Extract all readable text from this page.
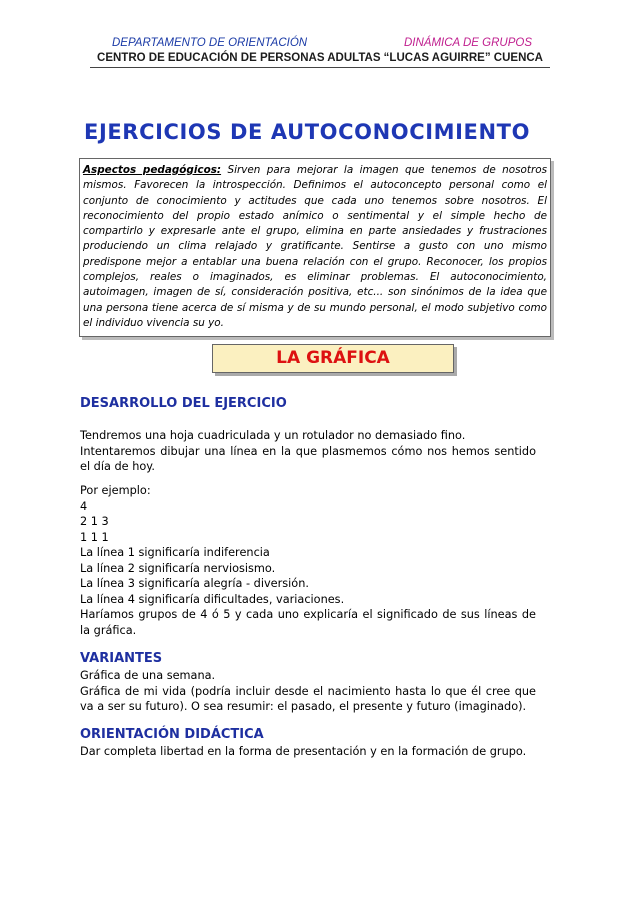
DEPARTAMENTO DE ORIENTACIÓN	DINÁMICA DE GRUPOS
CENTRO DE EDUCACIÓN DE PERSONAS ADULTAS “LUCAS AGUIRRE” CUENCA
EJERCICIOS DE AUTOCONOCIMIENTO
Aspectos pedagógicos: Sirven para mejorar la imagen que tenemos de nosotros mismos. Favorecen la introspección. Definimos el autoconcepto personal como el conjunto de conocimiento y actitudes que cada uno tenemos sobre nosotros. El reconocimiento del propio estado anímico o sentimental y el simple hecho de compartirlo y expresarle ante el grupo, elimina en parte ansiedades y frustraciones produciendo un clima relajado y gratificante. Sentirse a gusto con uno mismo predispone mejor a entablar una buena relación con el grupo. Reconocer, los propios complejos, reales o imaginados, es eliminar problemas. El autoconocimiento, autoimagen, imagen de sí, consideración positiva, etc... son sinónimos de la idea que una persona tiene acerca de sí misma y de su mundo personal, el modo subjetivo como el individuo vivencia su yo.
LA GRÁFICA
DESARROLLO DEL EJERCICIO

Tendremos una hoja cuadriculada y un rotulador no demasiado fino.

Intentaremos dibujar una línea en la que plasmemos cómo nos hemos sentido el día de hoy.

Por ejemplo:

4

2 1 3

1 1 1

La línea 1 significaría indiferencia

La línea 2 significaría nerviosismo.

La línea 3 significaría alegría - diversión.

La línea 4 significaría dificultades, variaciones.

Haríamos grupos de 4 ó 5 y cada uno explicaría el significado de sus líneas de la gráfica.

VARIANTES

Gráfica de una semana.

Gráfica de mi vida (podría incluir desde el nacimiento hasta lo que él cree que va a ser su futuro). O sea resumir: el pasado, el presente y futuro (imaginado).

ORIENTACIÓN DIDÁCTICA
Dar completa libertad en la forma de presentación y en la formación de grupo.
